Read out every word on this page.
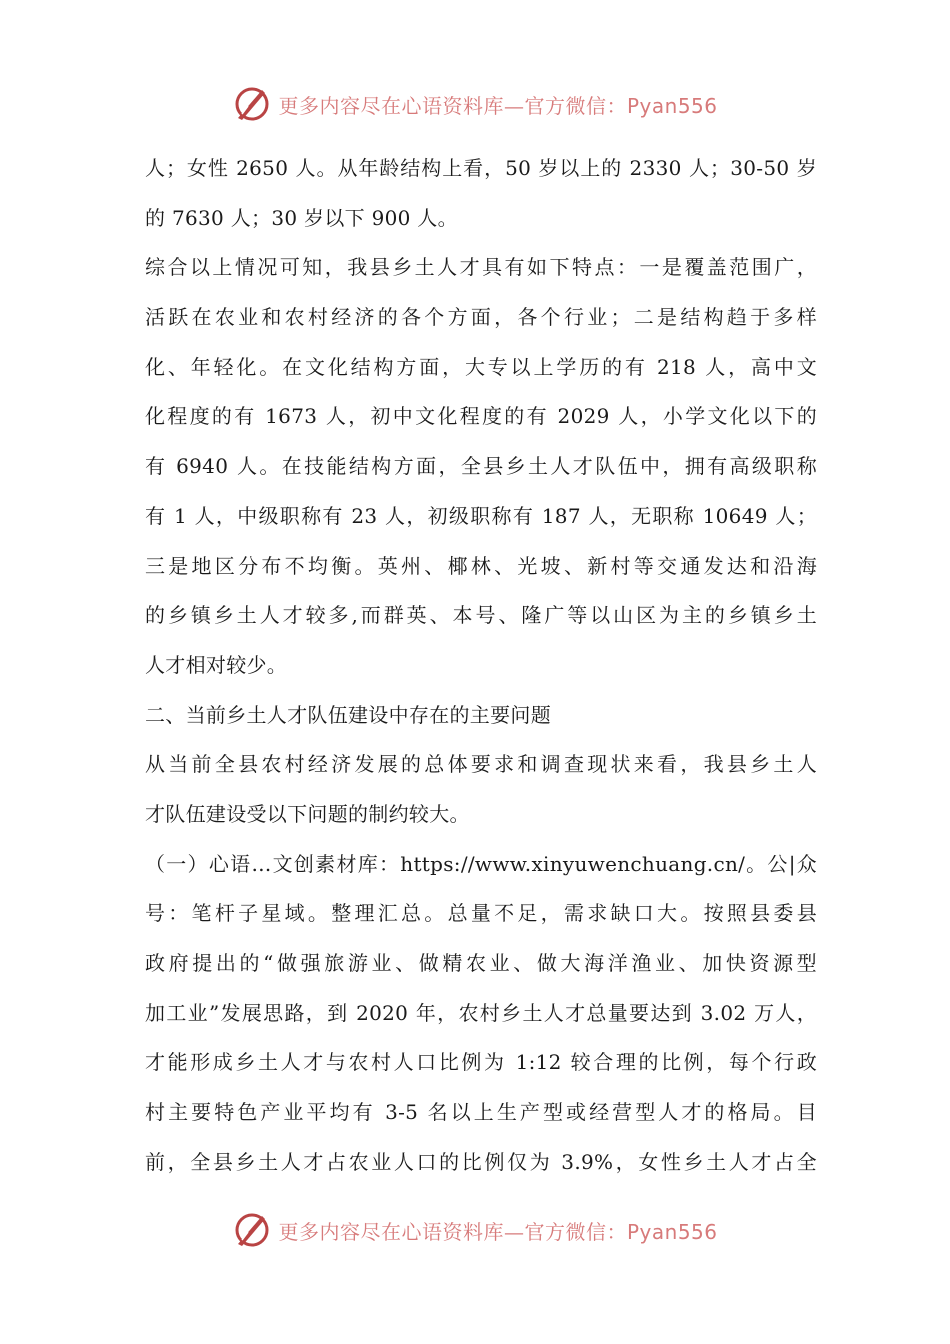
更多内容尽在心语资料库—官方微信：Pyan556
人；女性 2650 人。从年龄结构上看，50 岁以上的 2330 人；30-50 岁
的 7630 人；30 岁以下 900 人。
综合以上情况可知，我县乡土人才具有如下特点：一是覆盖范围广，
活跃在农业和农村经济的各个方面，各个行业；二是结构趋于多样
化、年轻化。在文化结构方面，大专以上学历的有 218 人，高中文
化程度的有 1673 人，初中文化程度的有 2029 人，小学文化以下的
有 6940 人。在技能结构方面，全县乡土人才队伍中，拥有高级职称
有 1 人，中级职称有 23 人，初级职称有 187 人，无职称 10649 人；
三是地区分布不均衡。英州、椰林、光坡、新村等交通发达和沿海
的乡镇乡土人才较多,而群英、本号、隆广等以山区为主的乡镇乡土
人才相对较少。
二、当前乡土人才队伍建设中存在的主要问题
从当前全县农村经济发展的总体要求和调查现状来看，我县乡土人
才队伍建设受以下问题的制约较大。
（一）心语…文创素材库：https://www.xinyuwenchuang.cn/。公|众
号：笔杆子星域。整理汇总。总量不足，需求缺口大。按照县委县
政府提出的“做强旅游业、做精农业、做大海洋渔业、加快资源型
加工业”发展思路，到 2020 年，农村乡土人才总量要达到 3.02 万人，
才能形成乡土人才与农村人口比例为 1:12 较合理的比例，每个行政
村主要特色产业平均有 3-5 名以上生产型或经营型人才的格局。目
前，全县乡土人才占农业人口的比例仅为 3.9%，女性乡土人才占全
更多内容尽在心语资料库—官方微信：Pyan556
